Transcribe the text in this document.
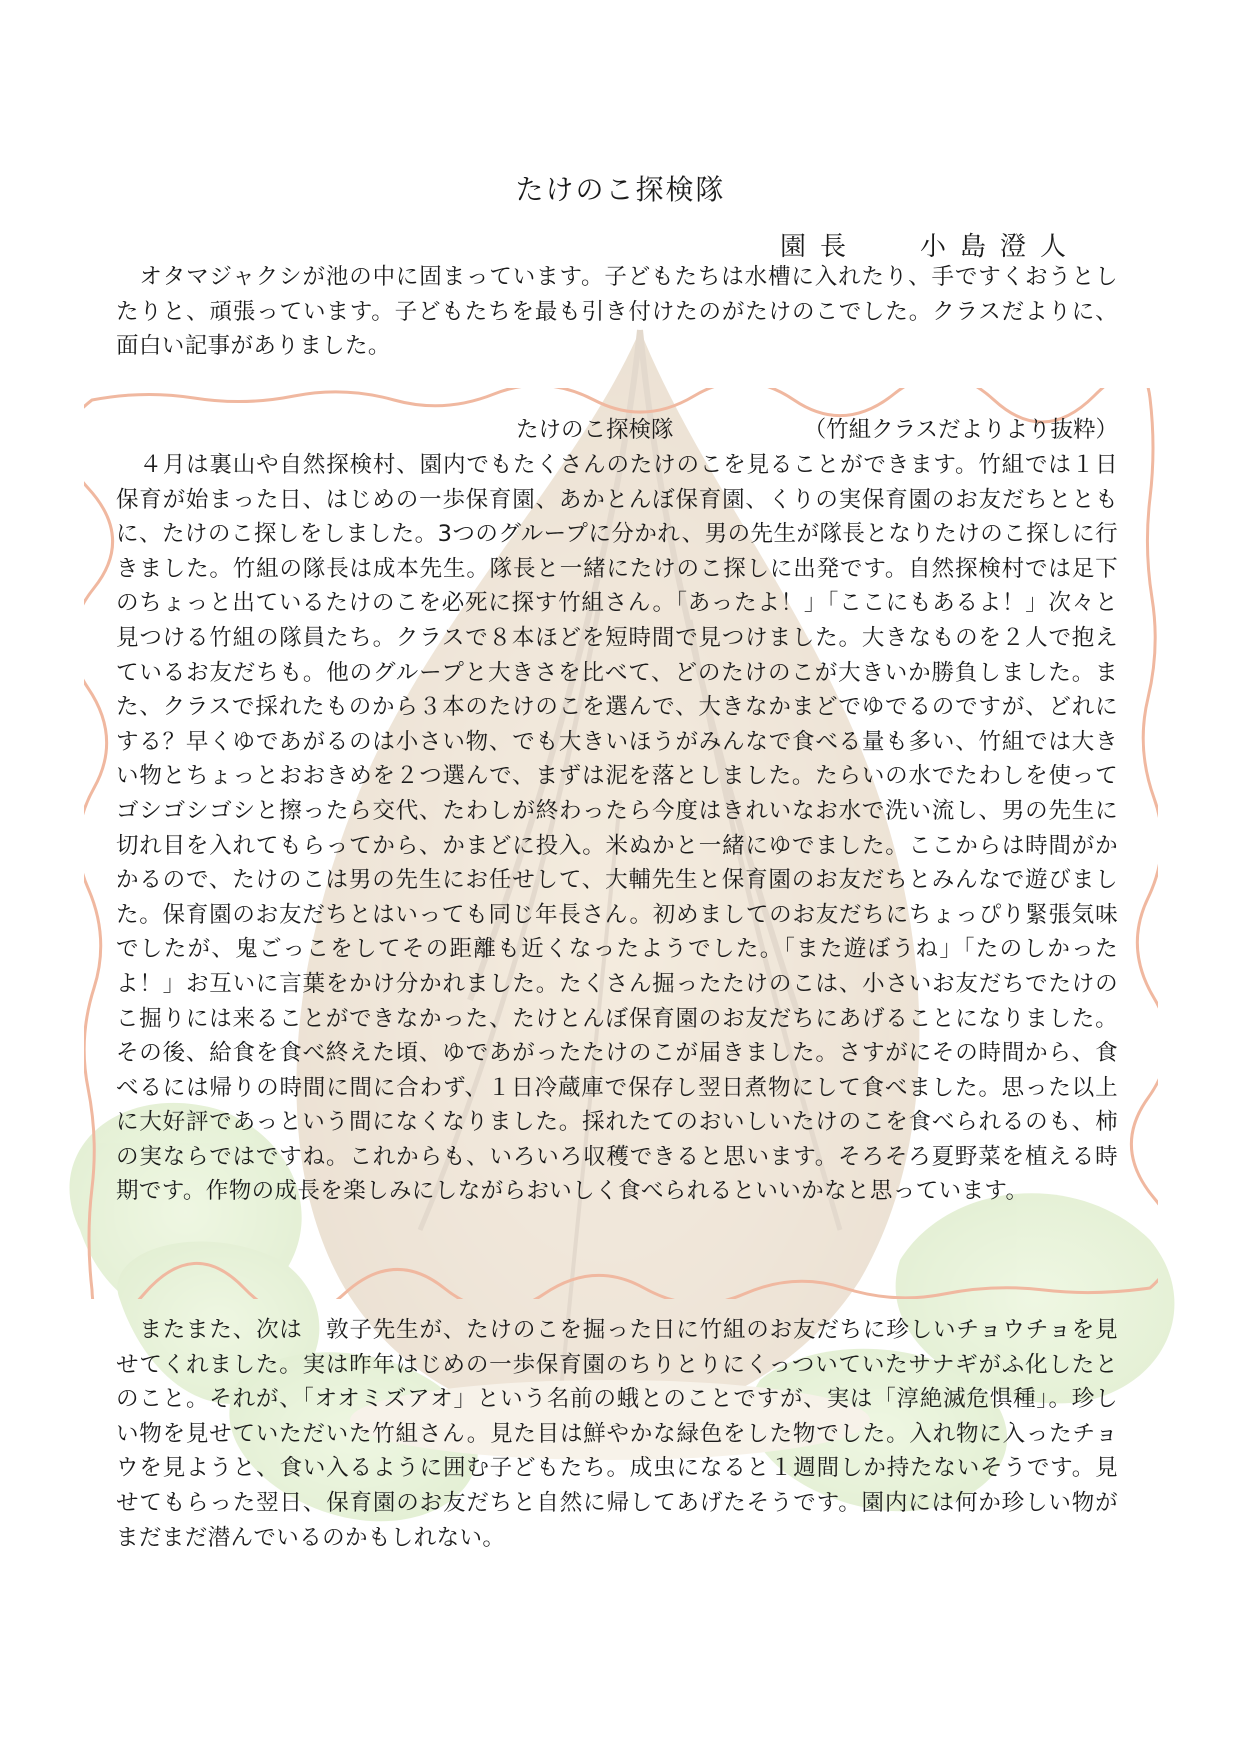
たけのこ探検隊
園長 小島澄人

　オタマジャクシが池の中に固まっています。子どもたちは水槽に入れたり、手ですくおうとしたりと、頑張っています。子どもたちを最も引き付けたのがたけのこでした。クラスだよりに、面白い記事がありました。

たけのこ探検隊	（竹組クラスだよりより抜粋）

　４月は裏山や自然探検村、園内でもたくさんのたけのこを見ることができます。竹組では１日保育が始まった日、はじめの一歩保育園、あかとんぼ保育園、くりの実保育園のお友だちとともに、たけのこ探しをしました。3つのグループに分かれ、男の先生が隊長となりたけのこ探しに行きました。竹組の隊長は成本先生。隊長と一緒にたけのこ探しに出発です。自然探検村では足下のちょっと出ているたけのこを必死に探す竹組さん。「あったよ！」「ここにもあるよ！」次々と見つける竹組の隊員たち。クラスで８本ほどを短時間で見つけました。大きなものを２人で抱えているお友だちも。他のグループと大きさを比べて、どのたけのこが大きいか勝負しました。また、クラスで採れたものから３本のたけのこを選んで、大きなかまどでゆでるのですが、どれにする？早くゆであがるのは小さい物、でも大きいほうがみんなで食べる量も多い、竹組では大きい物とちょっとおおきめを２つ選んで、まずは泥を落としました。たらいの水でたわしを使ってゴシゴシゴシと擦ったら交代、たわしが終わったら今度はきれいなお水で洗い流し、男の先生に切れ目を入れてもらってから、かまどに投入。米ぬかと一緒にゆでました。ここからは時間がかかるので、たけのこは男の先生にお任せして、大輔先生と保育園のお友だちとみんなで遊びました。保育園のお友だちとはいっても同じ年長さん。初めましてのお友だちにちょっぴり緊張気味でしたが、鬼ごっこをしてその距離も近くなったようでした。「また遊ぼうね」「たのしかったよ！」お互いに言葉をかけ分かれました。たくさん掘ったたけのこは、小さいお友だちでたけのこ掘りには来ることができなかった、たけとんぼ保育園のお友だちにあげることになりました。その後、給食を食べ終えた頃、ゆであがったたけのこが届きました。さすがにその時間から、食べるには帰りの時間に間に合わず、１日冷蔵庫で保存し翌日煮物にして食べました。思った以上に大好評であっという間になくなりました。採れたてのおいしいたけのこを食べられるのも、柿の実ならではですね。これからも、いろいろ収穫できると思います。そろそろ夏野菜を植える時期です。作物の成長を楽しみにしながらおいしく食べられるといいかなと思っています。

　またまた、次は　敦子先生が、たけのこを掘った日に竹組のお友だちに珍しいチョウチョを見せてくれました。実は昨年はじめの一歩保育園のちりとりにくっついていたサナギがふ化したとのこと。それが、「オオミズアオ」という名前の蛾とのことですが、実は「淳絶滅危惧種」。珍しい物を見せていただいた竹組さん。見た目は鮮やかな緑色をした物でした。入れ物に入ったチョウを見ようと、食い入るように囲む子どもたち。成虫になると１週間しか持たないそうです。見せてもらった翌日、保育園のお友だちと自然に帰してあげたそうです。園内には何か珍しい物がまだまだ潜んでいるのかもしれない。
